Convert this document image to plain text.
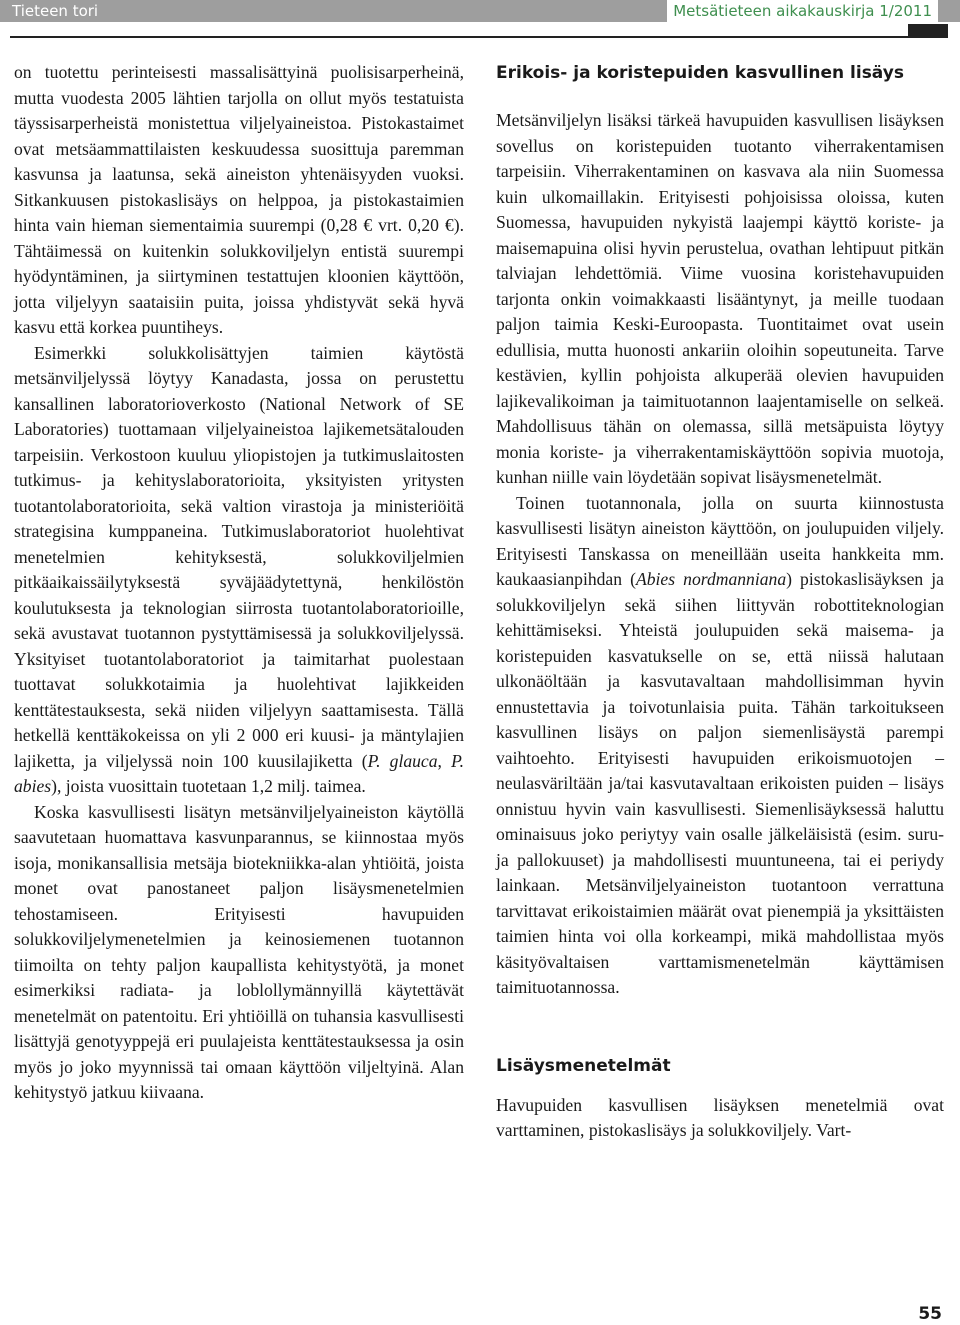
Tieteen tori	Metsätieteen aikakauskirja 1/2011

on tuotettu perinteisesti massalisättyinä puolisisarperheinä, mutta vuodesta 2005 lähtien tarjolla on ollut myös testatuista täyssisarperheistä monistettua viljelyaineistoa. Pistokastaimet ovat metsäammattilaisten keskuudessa suosittuja paremman kasvunsa ja laatunsa, sekä aineiston yhtenäisyyden vuoksi. Sitkankuusen pistokaslisäys on helppoa, ja pistokastaimien hinta vain hieman siementaimia suurempi (0,28 € vrt. 0,20 €). Tähtäimessä on kuitenkin solukkoviljelyn entistä suurempi hyödyntäminen, ja siirtyminen testattujen kloonien käyttöön, jotta viljelyyn saataisiin puita, joissa yhdistyvät sekä hyvä kasvu että korkea puuntiheys.

Esimerkki solukkolisättyjen taimien käytöstä metsänviljelyssä löytyy Kanadasta, jossa on perustettu kansallinen laboratorioverkosto (National Network of SE Laboratories) tuottamaan viljelyaineistoa lajikemetsätalouden tarpeisiin. Verkostoon kuuluu yliopistojen ja tutkimuslaitosten tutkimus- ja kehityslaboratorioita, yksityisten yritysten tuotantolaboratorioita, sekä valtion virastoja ja ministeriöitä strategisina kumppaneina. Tutkimuslaboratoriot huolehtivat menetelmien kehityksestä, solukkoviljelmien pitkäaikaissäilytyksestä syväjäädytettynä, henkilöstön koulutuksesta ja teknologian siirrosta tuotantolaboratorioille, sekä avustavat tuotannon pystyttämisessä ja solukkoviljelyssä. Yksityiset tuotantolaboratoriot ja taimitarhat puolestaan tuottavat solukkotaimia ja huolehtivat lajikkeiden kenttätestauksesta, sekä niiden viljelyyn saattamisesta. Tällä hetkellä kenttäkokeissa on yli 2 000 eri kuusi- ja mäntylajien lajiketta, ja viljelyssä noin 100 kuusilajiketta (P. glauca, P. abies), joista vuosittain tuotetaan 1,2 milj. taimea.

Koska kasvullisesti lisätyn metsänviljelyaineiston käytöllä saavutetaan huomattava kasvunparannus, se kiinnostaa myös isoja, monikansallisia metsäja biotekniikka-alan yhtiöitä, joista monet ovat panostaneet paljon lisäysmenetelmien tehostamiseen. Erityisesti havupuiden solukkoviljelymenetelmien ja keinosiemenen tuotannon tiimoilta on tehty paljon kaupallista kehitystyötä, ja monet esimerkiksi radiata- ja loblollymännyillä käytettävät menetelmät on patentoitu. Eri yhtiöillä on tuhansia kasvullisesti lisättyjä genotyyppejä eri puulajeista kenttätestauksessa ja osin myös jo joko myynnissä tai omaan käyttöön viljeltyinä. Alan kehitystyö jatkuu kiivaana.

Erikois- ja koristepuiden kasvullinen lisäys

Metsänviljelyn lisäksi tärkeä havupuiden kasvullisen lisäyksen sovellus on koristepuiden tuotanto viherrakentamisen tarpeisiin. Viherrakentaminen on kasvava ala niin Suomessa kuin ulkomaillakin. Erityisesti pohjoisissa oloissa, kuten Suomessa, havupuiden nykyistä laajempi käyttö koriste- ja maisemapuina olisi hyvin perustelua, ovathan lehtipuut pitkän talviajan lehdettömiä. Viime vuosina koristehavupuiden tarjonta onkin voimakkaasti lisääntynyt, ja meille tuodaan paljon taimia Keski-Euroopasta. Tuontitaimet ovat usein edullisia, mutta huonosti ankariin oloihin sopeutuneita. Tarve kestävien, kyllin pohjoista alkuperää olevien havupuiden lajikevalikoiman ja taimituotannon laajentamiselle on selkeä. Mahdollisuus tähän on olemassa, sillä metsäpuista löytyy monia koriste- ja viherrakentamiskäyttöön sopivia muotoja, kunhan niille vain löydetään sopivat lisäysmenetelmät.

Toinen tuotannonala, jolla on suurta kiinnostusta kasvullisesti lisätyn aineiston käyttöön, on joulupuiden viljely. Erityisesti Tanskassa on meneillään useita hankkeita mm. kaukaasianpihdan (Abies nordmanniana) pistokaslisäyksen ja solukkoviljelyn sekä siihen liittyvän robottiteknologian kehittämiseksi. Yhteistä joulupuiden sekä maisema- ja koristepuiden kasvatukselle on se, että niissä halutaan ulkonäöltään ja kasvutavaltaan mahdollisimman hyvin ennustettavia ja toivotunlaisia puita. Tähän tarkoitukseen kasvullinen lisäys on paljon siemenlisäystä parempi vaihtoehto. Erityisesti havupuiden erikoismuotojen – neulasväriltään ja/tai kasvutavaltaan erikoisten puiden – lisäys onnistuu hyvin vain kasvullisesti. Siemenlisäyksessä haluttu ominaisuus joko periytyy vain osalle jälkeläisistä (esim. suru- ja pallokuuset) ja mahdollisesti muuntuneena, tai ei periydy lainkaan. Metsänviljelyaineiston tuotantoon verrattuna tarvittavat erikoistaimien määrät ovat pienempiä ja yksittäisten taimien hinta voi olla korkeampi, mikä mahdollistaa myös käsityövaltaisen varttamismenetelmän käyttämisen taimituotannossa.

Lisäysmenetelmät

Havupuiden kasvullisen lisäyksen menetelmiä ovat varttaminen, pistokaslisäys ja solukkoviljely. Vart-

55
